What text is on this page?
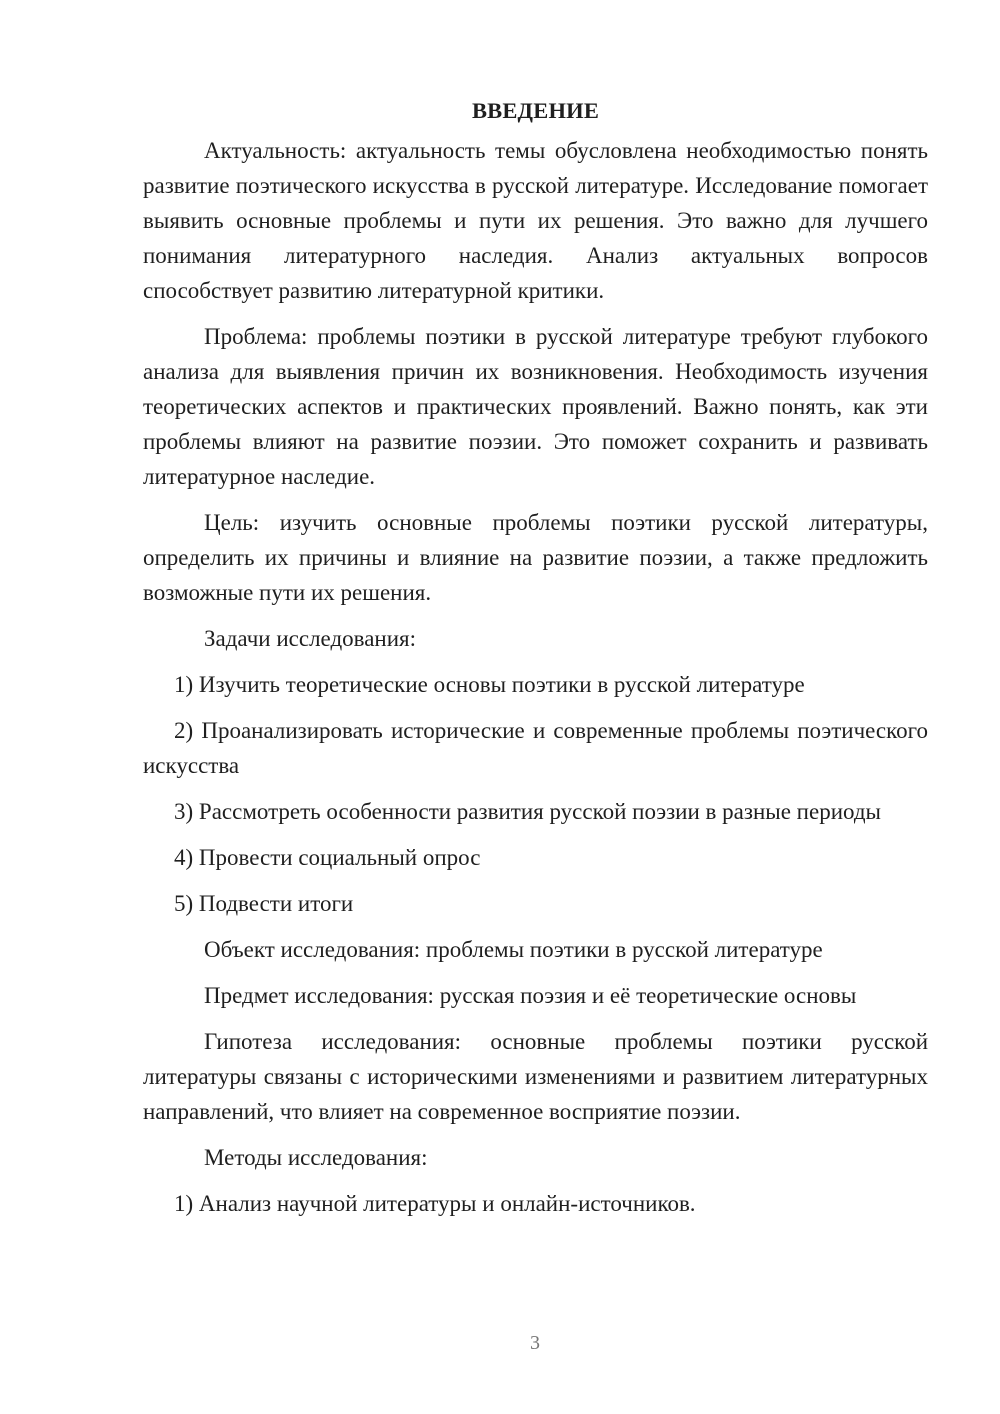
ВВЕДЕНИЕ

Актуальность: актуальность темы обусловлена необходимостью понять развитие поэтического искусства в русской литературе. Исследование помогает выявить основные проблемы и пути их решения. Это важно для лучшего понимания литературного наследия. Анализ актуальных вопросов способствует развитию литературной критики.

Проблема: проблемы поэтики в русской литературе требуют глубокого анализа для выявления причин их возникновения. Необходимость изучения теоретических аспектов и практических проявлений. Важно понять, как эти проблемы влияют на развитие поэзии. Это поможет сохранить и развивать литературное наследие.

Цель: изучить основные проблемы поэтики русской литературы, определить их причины и влияние на развитие поэзии, а также предложить возможные пути их решения.

Задачи исследования:

1) Изучить теоретические основы поэтики в русской литературе

2) Проанализировать исторические и современные проблемы поэтического искусства

3) Рассмотреть особенности развития русской поэзии в разные периоды

4) Провести социальный опрос

5) Подвести итоги

Объект исследования: проблемы поэтики в русской литературе

Предмет исследования: русская поэзия и её теоретические основы

Гипотеза исследования: основные проблемы поэтики русской литературы связаны с историческими изменениями и развитием литературных направлений, что влияет на современное восприятие поэзии.

Методы исследования:

1) Анализ научной литературы и онлайн-источников.

3
